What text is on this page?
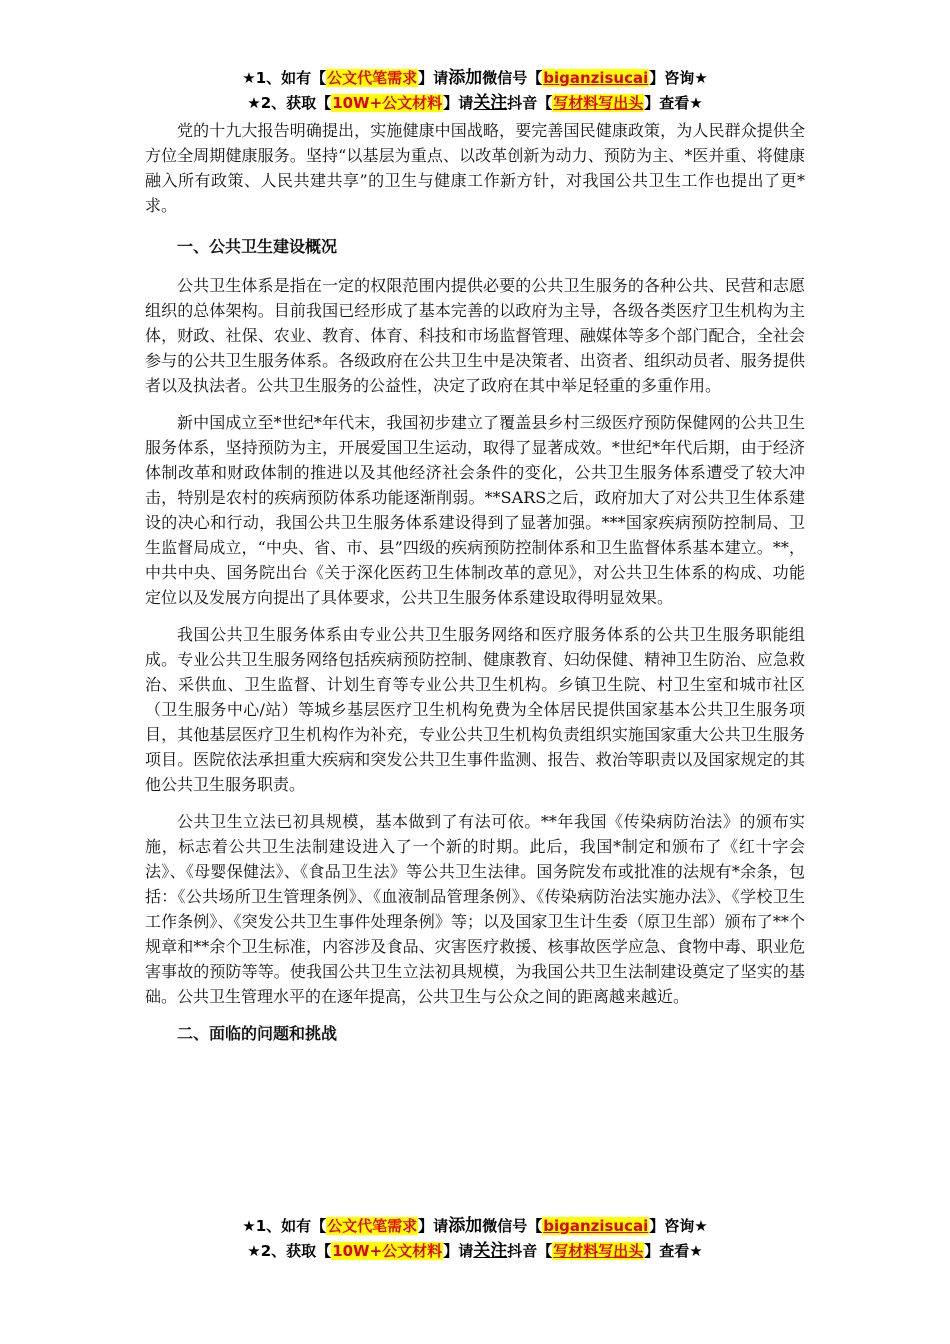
★1、如有【公文代笔需求】请添加微信号【biganzisucai】咨询★
★2、获取【10W+公文材料】请关注抖音【写材料写出头】查看★

党的十九大报告明确提出，实施健康中国战略，要完善国民健康政策，为人民群众提供全方位全周期健康服务。坚持“以基层为重点、以改革创新为动力、预防为主、*医并重、将健康融入所有政策、人民共建共享”的卫生与健康工作新方针，对我国公共卫生工作也提出了更*求。

一、公共卫生建设概况

公共卫生体系是指在一定的权限范围内提供必要的公共卫生服务的各种公共、民营和志愿组织的总体架构。目前我国已经形成了基本完善的以政府为主导，各级各类医疗卫生机构为主体，财政、社保、农业、教育、体育、科技和市场监督管理、融媒体等多个部门配合，全社会参与的公共卫生服务体系。各级政府在公共卫生中是决策者、出资者、组织动员者、服务提供者以及执法者。公共卫生服务的公益性，决定了政府在其中举足轻重的多重作用。

新中国成立至*世纪*年代末，我国初步建立了覆盖县乡村三级医疗预防保健网的公共卫生服务体系，坚持预防为主，开展爱国卫生运动，取得了显著成效。*世纪*年代后期，由于经济体制改革和财政体制的推进以及其他经济社会条件的变化，公共卫生服务体系遭受了较大冲击，特别是农村的疾病预防体系功能逐渐削弱。**SARS之后，政府加大了对公共卫生体系建设的决心和行动，我国公共卫生服务体系建设得到了显著加强。***国家疾病预防控制局、卫生监督局成立，“中央、省、市、县”四级的疾病预防控制体系和卫生监督体系基本建立。**，中共中央、国务院出台《关于深化医药卫生体制改革的意见》，对公共卫生体系的构成、功能定位以及发展方向提出了具体要求，公共卫生服务体系建设取得明显效果。

我国公共卫生服务体系由专业公共卫生服务网络和医疗服务体系的公共卫生服务职能组成。专业公共卫生服务网络包括疾病预防控制、健康教育、妇幼保健、精神卫生防治、应急救治、采供血、卫生监督、计划生育等专业公共卫生机构。乡镇卫生院、村卫生室和城市社区（卫生服务中心/站）等城乡基层医疗卫生机构免费为全体居民提供国家基本公共卫生服务项目，其他基层医疗卫生机构作为补充，专业公共卫生机构负责组织实施国家重大公共卫生服务项目。医院依法承担重大疾病和突发公共卫生事件监测、报告、救治等职责以及国家规定的其他公共卫生服务职责。

公共卫生立法已初具规模，基本做到了有法可依。**年我国《传染病防治法》的颁布实施，标志着公共卫生法制建设进入了一个新的时期。此后，我国*制定和颁布了《红十字会法》、《母婴保健法》、《食品卫生法》等公共卫生法律。国务院发布或批准的法规有*余条，包括：《公共场所卫生管理条例》、《血液制品管理条例》、《传染病防治法实施办法》、《学校卫生工作条例》、《突发公共卫生事件处理条例》等；以及国家卫生计生委（原卫生部）颁布了**个规章和**余个卫生标准，内容涉及食品、灾害医疗救援、核事故医学应急、食物中毒、职业危害事故的预防等等。使我国公共卫生立法初具规模，为我国公共卫生法制建设奠定了坚实的基础。公共卫生管理水平的在逐年提高，公共卫生与公众之间的距离越来越近。

二、面临的问题和挑战
★1、如有【公文代笔需求】请添加微信号【biganzisucai】咨询★
★2、获取【10W+公文材料】请关注抖音【写材料写出头】查看★
